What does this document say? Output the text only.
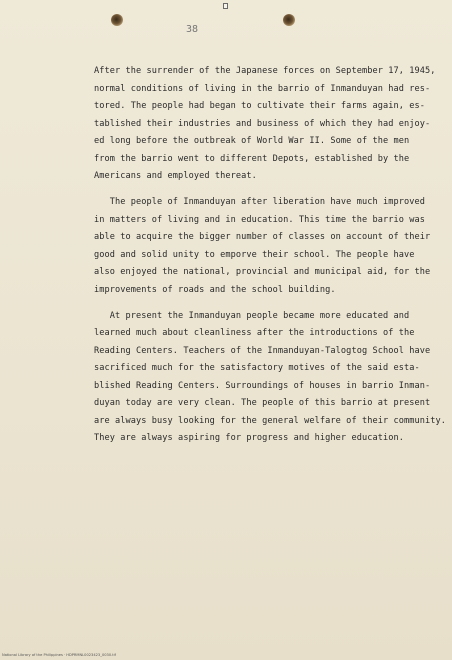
38
After the surrender of the Japanese forces on September 17, 1945,
normal conditions of living in the barrio of Inmanduyan had res-
tored. The people had began to cultivate their farms again, es-
tablished their industries and business of which they had enjoy-
ed long before the outbreak of World War II. Some of the men
from the barrio went to different Depots, established by the
Americans and employed thereat.
The people of Inmanduyan after liberation have much improved
in matters of living and in education. This time the barrio was
able to acquire the bigger number of classes on account of their
good and solid unity to emporve their school. The people have
also enjoyed the national, provincial and municipal aid, for the
improvements of roads and the school building.
At present the Inmanduyan people became more educated and
learned much about cleanliness after the introductions of the
Reading Centers. Teachers of the Inmanduyan-Talogtog School have
sacrificed much for the satisfactory motives of the said esta-
blished Reading Centers. Surroundings of houses in barrio Inman-
duyan today are very clean. The people of this barrio at present
are always busy looking for the general welfare of their community.
They are always aspiring for progress and higher education.
National Library of the Philippines · HDPRMNL0023423_0030.tif
